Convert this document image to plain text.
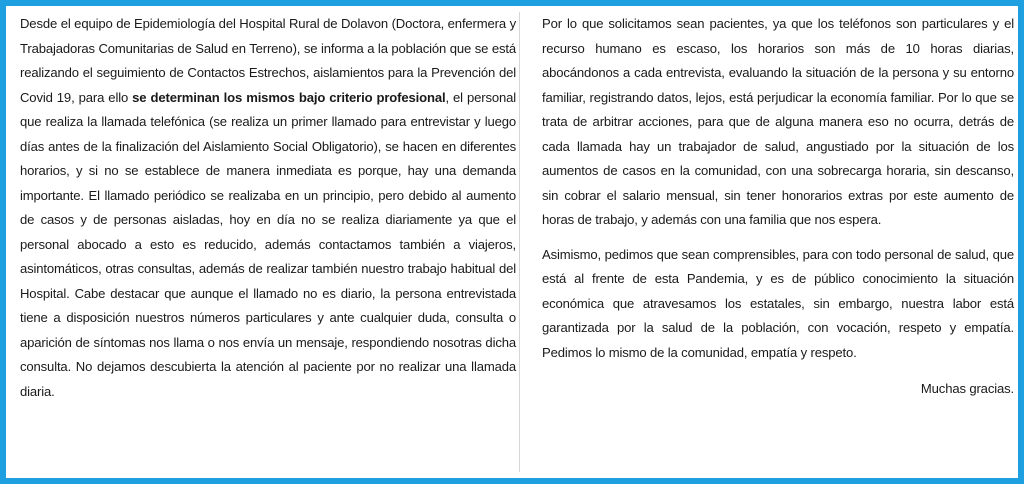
Desde el equipo de Epidemiología del Hospital Rural de Dolavon (Doctora, enfermera y Trabajadoras Comunitarias de Salud en Terreno), se informa a la población que se está realizando el seguimiento de Contactos Estrechos, aislamientos para la Prevención del Covid 19, para ello se determinan los mismos bajo criterio profesional, el personal que realiza la llamada telefónica (se realiza un primer llamado para entrevistar y luego días antes de la finalización del Aislamiento Social Obligatorio), se hacen en diferentes horarios, y si no se establece de manera inmediata es porque, hay una demanda importante. El llamado periódico se realizaba en un principio, pero debido al aumento de casos y de personas aisladas, hoy en día no se realiza diariamente ya que el personal abocado a esto es reducido, además contactamos también a viajeros, asintomáticos, otras consultas, además de realizar también nuestro trabajo habitual del Hospital. Cabe destacar que aunque el llamado no es diario, la persona entrevistada tiene a disposición nuestros números particulares y ante cualquier duda, consulta o aparición de síntomas nos llama o nos envía un mensaje, respondiendo nosotras dicha consulta. No dejamos descubierta la atención al paciente por no realizar una llamada diaria.

Por lo que solicitamos sean pacientes, ya que los teléfonos son particulares y el recurso humano es escaso, los horarios son más de 10 horas diarias, abocándonos a cada entrevista, evaluando la situación de la persona y su entorno familiar, registrando datos, lejos, está perjudicar la economía familiar. Por lo que se trata de arbitrar acciones, para que de alguna manera eso no ocurra, detrás de cada llamada hay un trabajador de salud, angustiado por la situación de los aumentos de casos en la comunidad, con una sobrecarga horaria, sin descanso, sin cobrar el salario mensual, sin tener honorarios extras por este aumento de horas de trabajo, y además con una familia que nos espera.

Asimismo, pedimos que sean comprensibles, para con todo personal de salud, que está al frente de esta Pandemia, y es de público conocimiento la situación económica que atravesamos los estatales, sin embargo, nuestra labor está garantizada por la salud de la población, con vocación, respeto y empatía. Pedimos lo mismo de la comunidad, empatía y respeto.

Muchas gracias.
